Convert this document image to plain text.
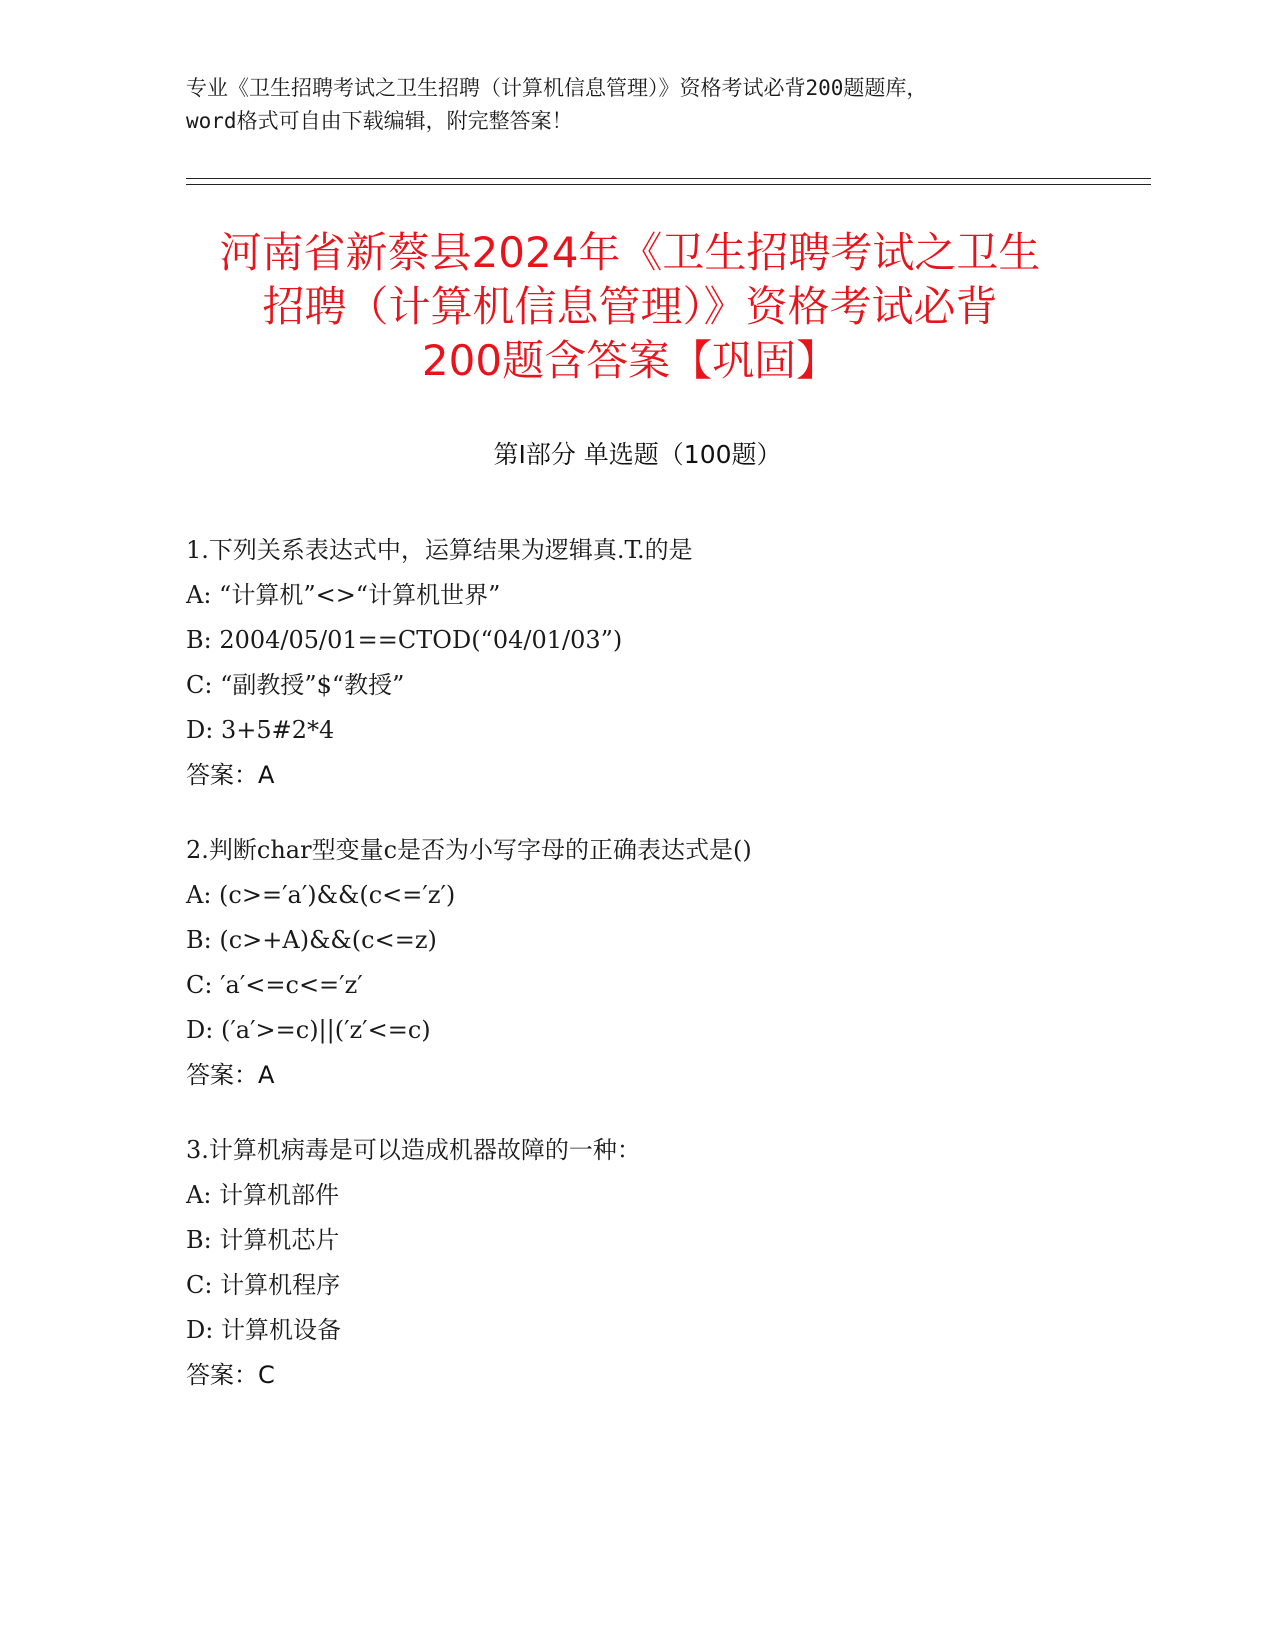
专业《卫生招聘考试之卫生招聘（计算机信息管理）》资格考试必背200题题库，
word格式可自由下载编辑，附完整答案！
河南省新蔡县2024年《卫生招聘考试之卫生
招聘（计算机信息管理）》资格考试必背
200题含答案【巩固】
第Ⅰ部分 单选题（100题）
1.下列关系表达式中，运算结果为逻辑真.T.的是
A: “计算机”<>“计算机世界”
B: 2004/05/01==CTOD(“04/01/03”)
C: “副教授”$“教授”
D: 3+5#2*4
答案：A
2.判断char型变量c是否为小写字母的正确表达式是()
A: (c>=′a′)&&(c<=′z′)
B: (c>+A)&&(c<=z)
C: ′a′<=c<=′z′
D: (′a′>=c)||(′z′<=c)
答案：A
3.计算机病毒是可以造成机器故障的一种：
A: 计算机部件
B: 计算机芯片
C: 计算机程序
D: 计算机设备
答案：C
